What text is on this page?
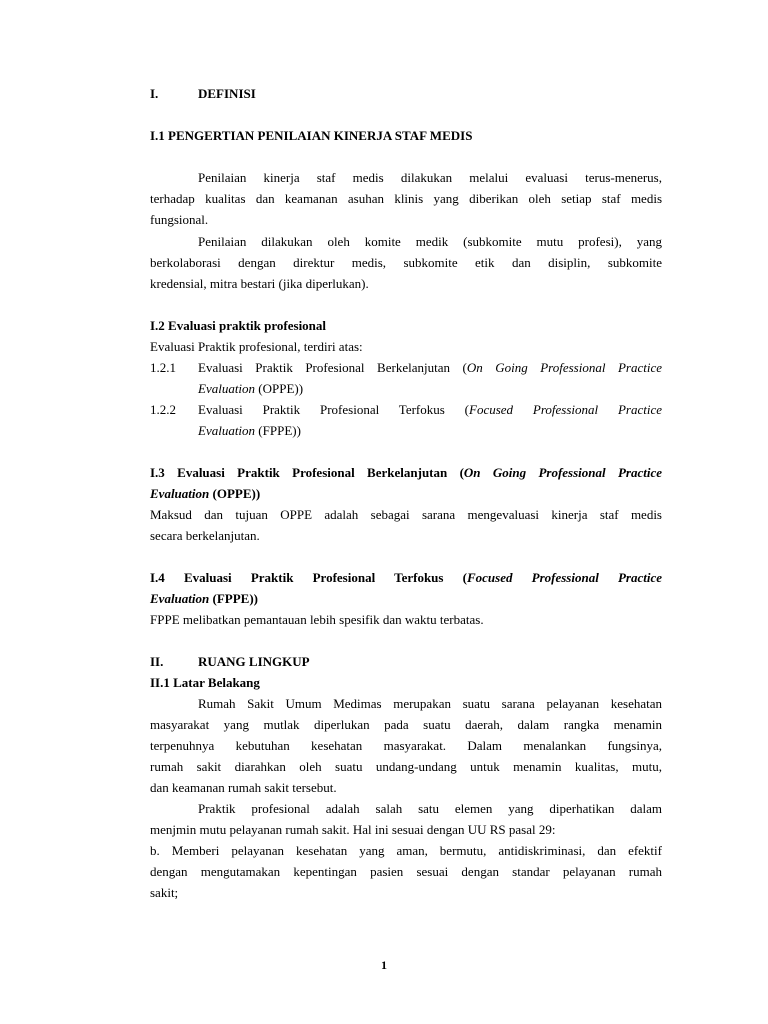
I.	DEFINISI
I.1 PENGERTIAN PENILAIAN KINERJA STAF MEDIS
Penilaian kinerja staf medis dilakukan melalui evaluasi terus-menerus,
terhadap kualitas dan keamanan asuhan klinis yang diberikan oleh setiap staf medis
fungsional.
Penilaian dilakukan oleh komite medik (subkomite mutu profesi), yang
berkolaborasi dengan direktur medis, subkomite etik dan disiplin, subkomite
kredensial, mitra bestari (jika diperlukan).
I.2 Evaluasi praktik profesional
Evaluasi Praktik profesional, terdiri atas:
1.2.1 Evaluasi Praktik Profesional Berkelanjutan (On Going Professional Practice
Evaluation (OPPE))
1.2.2 Evaluasi Praktik Profesional Terfokus (Focused Professional Practice
Evaluation (FPPE))
I.3 Evaluasi Praktik Profesional Berkelanjutan (On Going Professional Practice
Evaluation (OPPE))
Maksud dan tujuan OPPE adalah sebagai sarana mengevaluasi kinerja staf medis
secara berkelanjutan.
I.4 Evaluasi Praktik Profesional Terfokus (Focused Professional Practice
Evaluation (FPPE))
FPPE melibatkan pemantauan lebih spesifik dan waktu terbatas.
II.	RUANG LINGKUP
II.1 Latar Belakang
Rumah Sakit Umum Medimas merupakan suatu sarana pelayanan kesehatan
masyarakat yang mutlak diperlukan pada suatu daerah, dalam rangka menamin
terpenuhnya kebutuhan kesehatan masyarakat. Dalam menalankan fungsinya,
rumah sakit diarahkan oleh suatu undang-undang untuk menamin kualitas, mutu,
dan keamanan rumah sakit tersebut.
Praktik profesional adalah salah satu elemen yang diperhatikan dalam
menjmin mutu pelayanan rumah sakit. Hal ini sesuai dengan UU RS pasal 29:
b. Memberi pelayanan kesehatan yang aman, bermutu, antidiskriminasi, dan efektif
dengan mengutamakan kepentingan pasien sesuai dengan standar pelayanan rumah
sakit;
1
